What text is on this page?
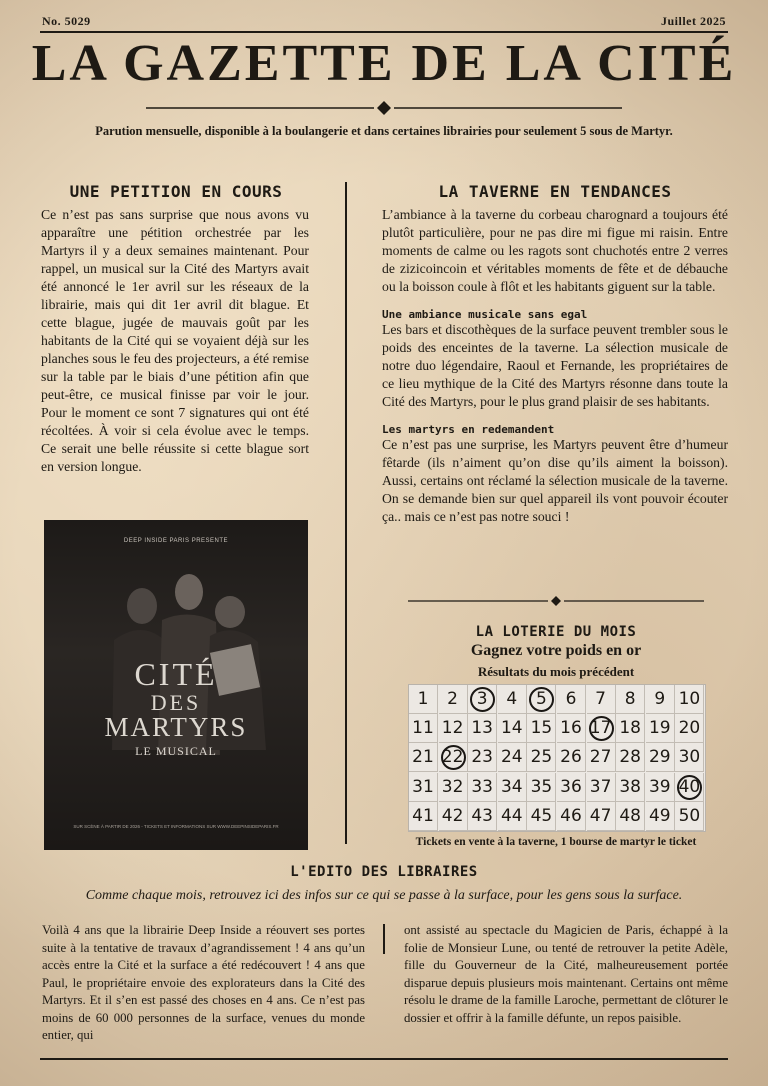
No. 5029	Juillet 2025
LA GAZETTE DE LA CITÉ
Parution mensuelle, disponible à la boulangerie et dans certaines librairies pour seulement 5 sous de Martyr.
UNE PETITION EN COURS

Ce n’est pas sans surprise que nous avons vu apparaître une pétition orchestrée par les Martyrs il y a deux semaines maintenant. Pour rappel, un musical sur la Cité des Martyrs avait été annoncé le 1er avril sur les réseaux de la librairie, mais qui dit 1er avril dit blague. Et cette blague, jugée de mauvais goût par les habitants de la Cité qui se voyaient déjà sur les planches sous le feu des projecteurs, a été remise sur la table par le biais d’une pétition afin que peut-être, ce musical finisse par voir le jour. Pour le moment ce sont 7 signatures qui ont été récoltées. À voir si cela évolue avec le temps. Ce serait une belle réussite si cette blague sort en version longue.

DEEP INSIDE PARIS PRESENTE
CITÉ
DES
MARTYRS
LE MUSICAL
SUR SCÈNE À PARTIR DE 2026 - TICKETS ET INFORMATIONS SUR WWW.DEEPINSIDEPARIS.FR
LA TAVERNE EN TENDANCES

L’ambiance à la taverne du corbeau charognard a toujours été plutôt particulière, pour ne pas dire mi figue mi raisin. Entre moments de calme ou les ragots sont chuchotés entre 2 verres de zizicoincoin et véritables moments de fête et de débauche ou la boisson coule à flôt et les habitants giguent sur la table.

Une ambiance musicale sans egal

Les bars et discothèques de la surface peuvent trembler sous le poids des enceintes de la taverne. La sélection musicale de notre duo légendaire, Raoul et Fernande, les propriétaires de ce lieu mythique de la Cité des Martyrs résonne dans toute la Cité des Martyrs, pour le plus grand plaisir de ses habitants.

Les martyrs en redemandent

Ce n’est pas une surprise, les Martyrs peuvent être d’humeur fêtarde (ils n’aiment qu’on dise qu’ils aiment la boisson). Aussi, certains ont réclamé la sélection musicale de la taverne. On se demande bien sur quel appareil ils vont pouvoir écouter ça.. mais ce n’est pas notre souci !

LA LOTERIE DU MOIS
Gagnez votre poids en or
Résultats du mois précédent
1	2	3	4	5	6	7	8	9 10
11 12 13 14 15 16 17 18 19 20
21 22 23 24 25 26 27 28 29 30
31 32 33 34 35 36 37 38 39 40
41 42 43 44 45 46 47 48 49 50
Tickets en vente à la taverne, 1 bourse de martyr le ticket
L'EDITO DES LIBRAIRES
Comme chaque mois, retrouvez ici des infos sur ce qui se passe à la surface, pour les gens sous la surface.

Voilà 4 ans que la librairie Deep Inside a réouvert ses portes suite à la tentative de travaux d’agrandissement ! 4 ans qu’un accès entre la Cité et la surface a été redécouvert ! 4 ans que Paul, le propriétaire envoie des explorateurs dans la Cité des Martyrs. Et il s’en est passé des choses en 4 ans. Ce n’est pas moins de 60 000 personnes de la surface, venues du monde entier, qui

ont assisté au spectacle du Magicien de Paris, échappé à la folie de Monsieur Lune, ou tenté de retrouver la petite Adèle, fille du Gouverneur de la Cité, malheureusement portée disparue depuis plusieurs mois maintenant. Certains ont même résolu le drame de la famille Laroche, permettant de clôturer le dossier et offrir à la famille défunte, un repos paisible.
